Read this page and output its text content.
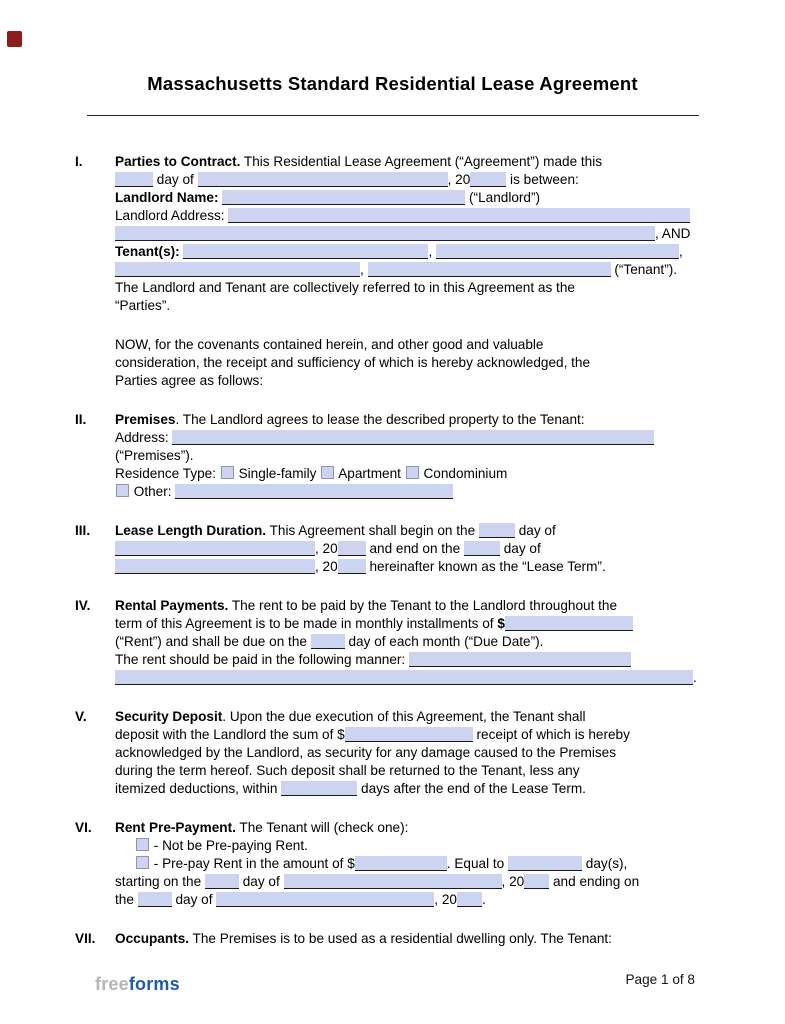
Massachusetts Standard Residential Lease Agreement
I.	Parties to Contract. This Residential Lease Agreement (“Agreement”) made this
day of	, 20	is between:
Landlord Name:	(“Landlord”)
Landlord Address:
, AND
Tenant(s):	,	,
,	(“Tenant”).
The Landlord and Tenant are collectively referred to in this Agreement as the
“Parties”.
NOW, for the covenants contained herein, and other good and valuable
consideration, the receipt and sufficiency of which is hereby acknowledged, the
Parties agree as follows:
II.	Premises. The Landlord agrees to lease the described property to the Tenant:
Address:
(“Premises”).
Residence Type:  Single-family  Apartment  Condominium
Other:
III.	Lease Length Duration. This Agreement shall begin on the	day of
, 20 and end on the	day of
, 20 hereinafter known as the “Lease Term”.
IV.	Rental Payments. The rent to be paid by the Tenant to the Landlord throughout the
term of this Agreement is to be made in monthly installments of $
(“Rent”) and shall be due on the	day of each month (“Due Date”).
The rent should be paid in the following manner:
.
V.	Security Deposit. Upon the due execution of this Agreement, the Tenant shall
deposit with the Landlord the sum of $	receipt of which is hereby
acknowledged by the Landlord, as security for any damage caused to the Premises
during the term hereof. Such deposit shall be returned to the Tenant, less any
itemized deductions, within	days after the end of the Lease Term.
VI.	Rent Pre-Payment. The Tenant will (check one):
- Not be Pre-paying Rent.
- Pre-pay Rent in the amount of $	. Equal to	day(s),
starting on the	day of	, 20 and ending on
the	day of	, 20 .
VII.	Occupants. The Premises is to be used as a residential dwelling only. The Tenant:
freeforms	Page 1 of 8
